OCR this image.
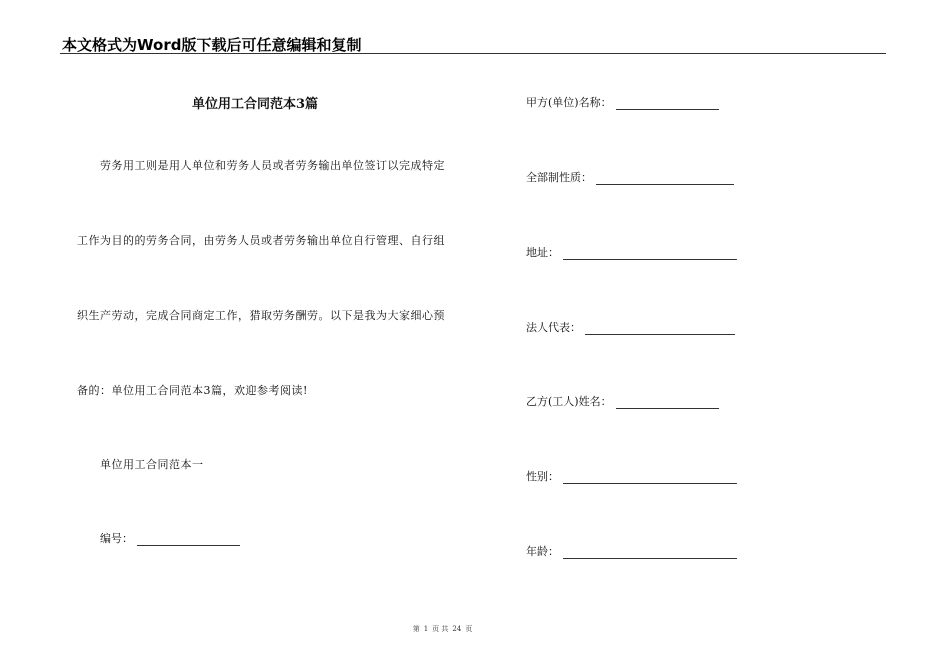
本文格式为Word版下载后可任意编辑和复制
单位用工合同范本3篇
劳务用工则是用人单位和劳务人员或者劳务输出单位签订以完成特定
工作为目的的劳务合同，由劳务人员或者劳务输出单位自行管理、自行组
织生产劳动，完成合同商定工作，猎取劳务酬劳。以下是我为大家细心预
备的：单位用工合同范本3篇，欢迎参考阅读!
单位用工合同范本一
编号：
甲方(单位)名称：
全部制性质：
地址：
法人代表：
乙方(工人)姓名：
性别：
年龄：
第 1 页 共 24 页
